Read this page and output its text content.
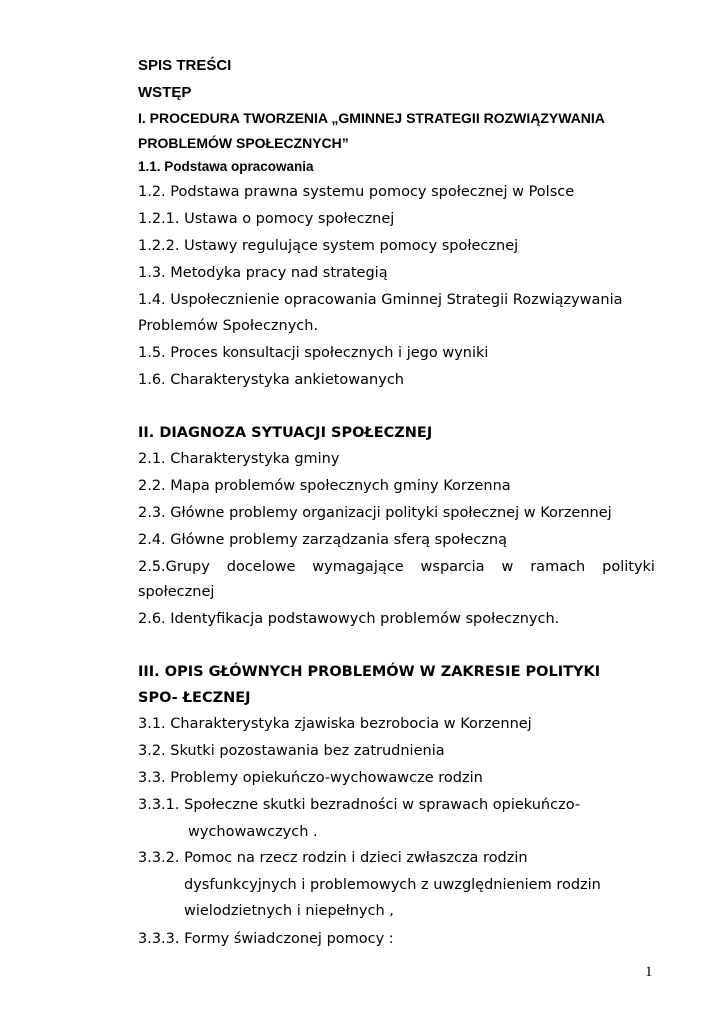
SPIS TREŚCI
WSTĘP
I. PROCEDURA TWORZENIA „GMINNEJ STRATEGII ROZWIĄZYWANIA
PROBLEMÓW SPOŁECZNYCH”
1.1. Podstawa opracowania
1.2. Podstawa prawna systemu pomocy społecznej w Polsce
1.2.1. Ustawa o pomocy społecznej
1.2.2. Ustawy regulujące system pomocy społecznej
1.3. Metodyka pracy nad strategią
1.4. Uspołecznienie opracowania Gminnej Strategii Rozwiązywania
Problemów Społecznych.
1.5. Proces konsultacji społecznych i jego wyniki
1.6. Charakterystyka ankietowanych
II. DIAGNOZA SYTUACJI SPOŁECZNEJ
2.1. Charakterystyka gminy
2.2. Mapa problemów społecznych gminy Korzenna
2.3. Główne problemy organizacji polityki społecznej w Korzennej
2.4. Główne problemy zarządzania sferą społeczną
2.5.Grupy docelowe wymagające wsparcia w ramach polityki
społecznej
2.6. Identyfikacja podstawowych problemów społecznych.
III. OPIS GŁÓWNYCH PROBLEMÓW W ZAKRESIE POLITYKI
SPO- ŁECZNEJ
3.1. Charakterystyka zjawiska bezrobocia w Korzennej
3.2. Skutki pozostawania bez zatrudnienia
3.3. Problemy opiekuńczo-wychowawcze rodzin
3.3.1. Społeczne skutki bezradności w sprawach opiekuńczo-
wychowawczych .
3.3.2. Pomoc na rzecz rodzin i dzieci zwłaszcza rodzin
dysfunkcyjnych i problemowych z uwzględnieniem rodzin
wielodzietnych i niepełnych ,
3.3.3. Formy świadczonej pomocy :
1
